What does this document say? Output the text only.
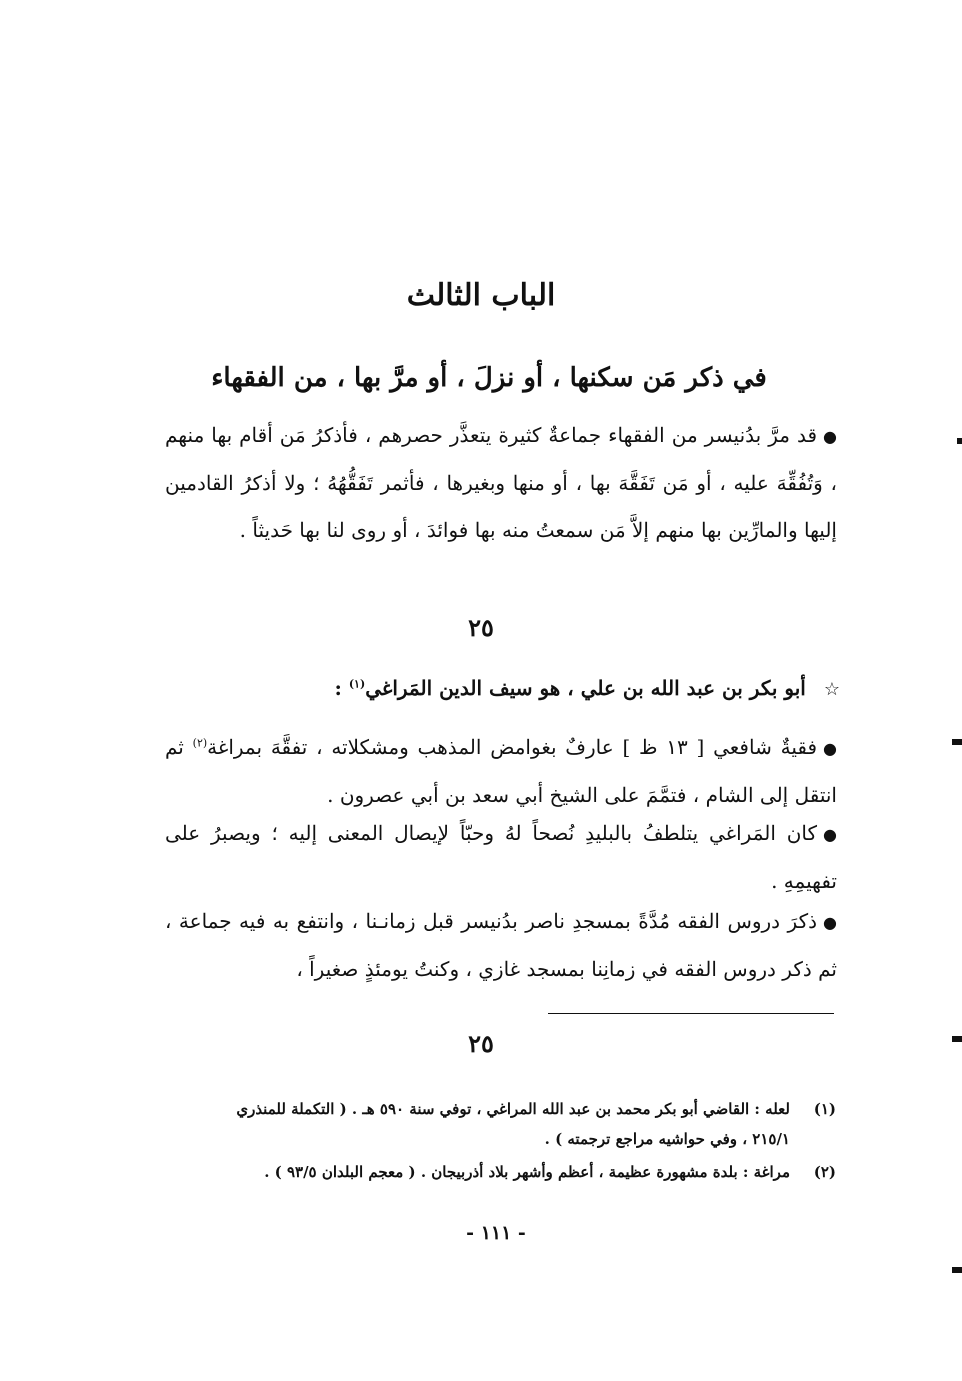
الباب الثالث
في ذكر مَن سكنها ، أو نزلَ ، أو مرَّ بها ، من الفقهاء
●قد مرَّ بدُنيسر من الفقهاء جماعةٌ كثيرة يتعذَّر حصرهم ، فأذكرُ مَن أقام بها منهم ، وَتُفُقِّهَ عليه ، أو مَن تَفَقَّهَ بها ، أو منها وبغيرها ، فأثمر تَفَقُّهُهُ ؛ ولا أذكرُ القادمين إليها والمارِّين بها منهم إلاَّ مَن سمعتُ منه بها فوائدَ ، أو روى لنا بها حَديثاً .
٢٥
☆أبو بكر بن عبد الله بن علي ، هو سيف الدين المَراغي$^{(١)}$ :
●فقيةٌ شافعي [ ١٣ ظ ] عارفٌ بغوامض المذهب ومشكلاته ، تفقَّهَ بمراغة$^{(٢)}$ ثم انتقل إلى الشام ، فتمَّمَ على الشيخ أبي سعد بن أبي عصرون .
●كان المَراغي يتلطفُ بالبليدِ نُصحاً لهُ وحبّاً لإيصال المعنى إليه ؛ ويصبرُ على تفهيمِهِ .
●ذكرَ دروس الفقه مُدَّةً بمسجدِ ناصر بدُنيسر قبل زمانـنا ، وانتفع به فيه جماعة ، ثم ذكر دروس الفقه في زمانِنا بمسجد غازي ، وكنتُ يومئذٍ صغيراً ،
٢٥
(١)لعله : القاضي أبو بكر محمد بن عبد الله المراغي ، توفي سنة ٥٩٠ هـ . ( التكملة للمنذري
٢١٥/١ ، وفي حواشيه مراجع ترجمته ) .
(٢)مراغة : بلدة مشهورة عظيمة ، أعظم وأشهر بلاد أذربيجان . ( معجم البلدان ٩٣/٥ ) .
- ١١١ -
